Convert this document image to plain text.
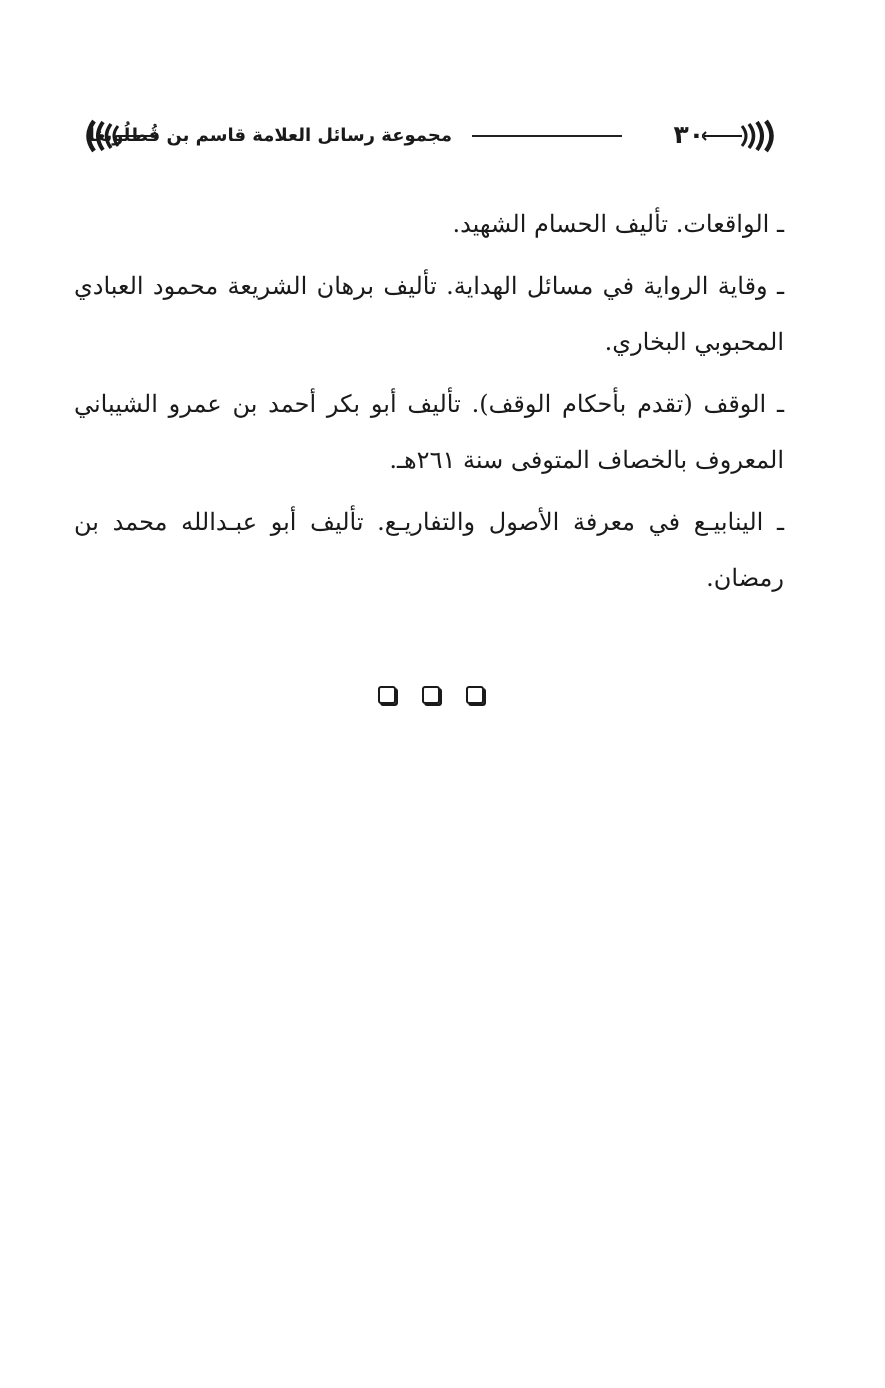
٣٠
مجموعة رسائل العلامة قاسم بن قُطلُوبغا

ـ الواقعات. تأليف الحسام الشهيد.

ـ وقاية الرواية في مسائل الهداية. تأليف برهان الشريعة محمود العبادي المحبوبي البخاري.

ـ الوقف (تقدم بأحكام الوقف). تأليف أبو بكر أحمد بن عمرو الشيباني المعروف بالخصاف المتوفى سنة ٢٦١هـ.

ـ الينابيـع في معرفة الأصول والتفاريـع. تأليف أبو عبـدالله محمد بن رمضان.
